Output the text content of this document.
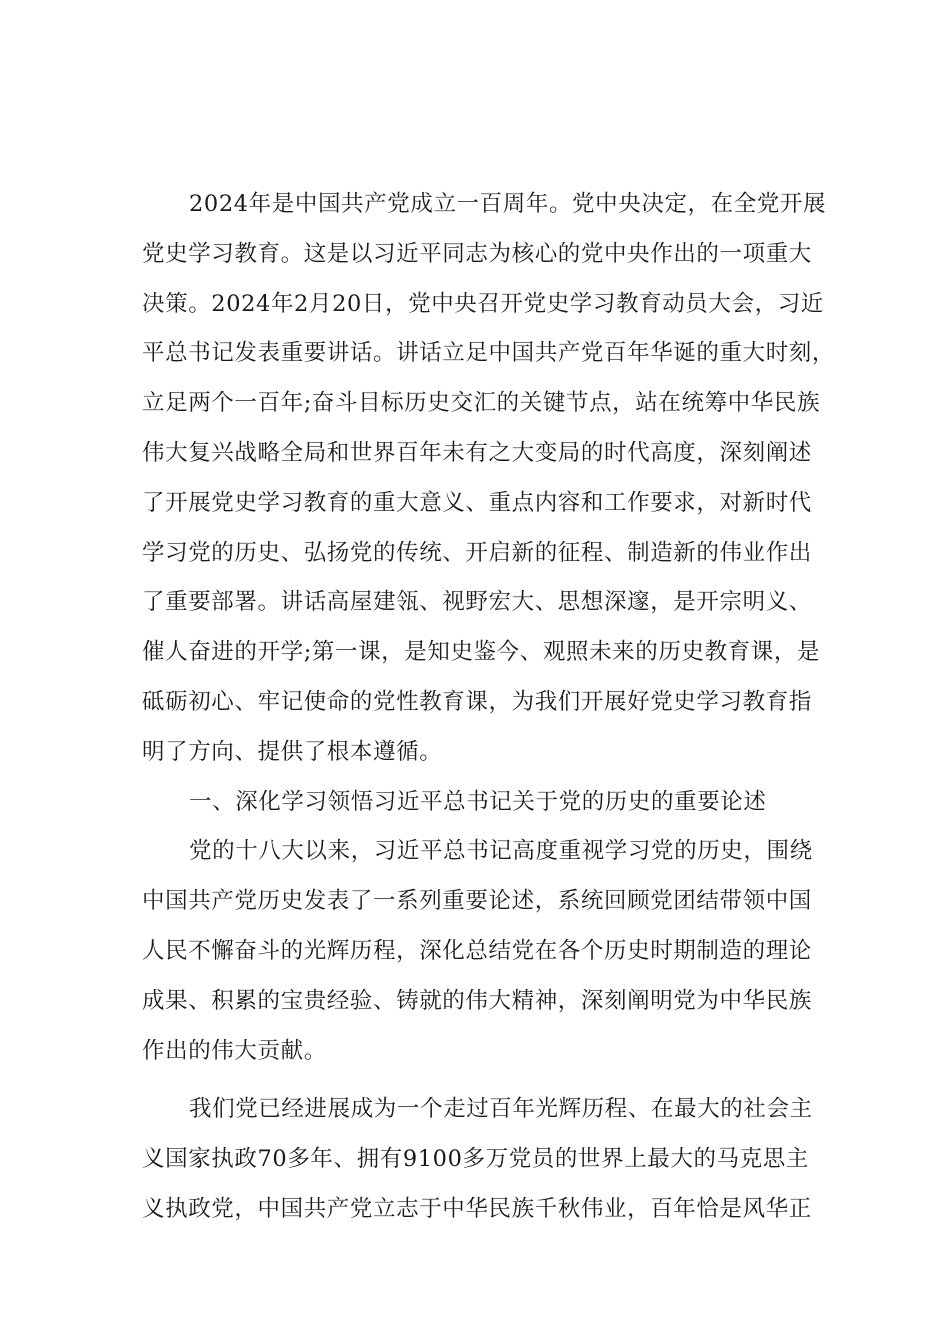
2024年是中国共产党成立一百周年。党中央决定，在全党开展
党史学习教育。这是以习近平同志为核心的党中央作出的一项重大
决策。2024年2月20日，党中央召开党史学习教育动员大会，习近
平总书记发表重要讲话。讲话立足中国共产党百年华诞的重大时刻，
立足两个一百年;奋斗目标历史交汇的关键节点，站在统筹中华民族
伟大复兴战略全局和世界百年未有之大变局的时代高度，深刻阐述
了开展党史学习教育的重大意义、重点内容和工作要求，对新时代
学习党的历史、弘扬党的传统、开启新的征程、制造新的伟业作出
了重要部署。讲话高屋建瓴、视野宏大、思想深邃，是开宗明义、
催人奋进的开学;第一课，是知史鉴今、观照未来的历史教育课，是
砥砺初心、牢记使命的党性教育课，为我们开展好党史学习教育指
明了方向、提供了根本遵循。
一、深化学习领悟习近平总书记关于党的历史的重要论述
党的十八大以来，习近平总书记高度重视学习党的历史，围绕
中国共产党历史发表了一系列重要论述，系统回顾党团结带领中国
人民不懈奋斗的光辉历程，深化总结党在各个历史时期制造的理论
成果、积累的宝贵经验、铸就的伟大精神，深刻阐明党为中华民族
作出的伟大贡献。
我们党已经进展成为一个走过百年光辉历程、在最大的社会主
义国家执政70多年、拥有9100多万党员的世界上最大的马克思主
义执政党，中国共产党立志于中华民族千秋伟业，百年恰是风华正
